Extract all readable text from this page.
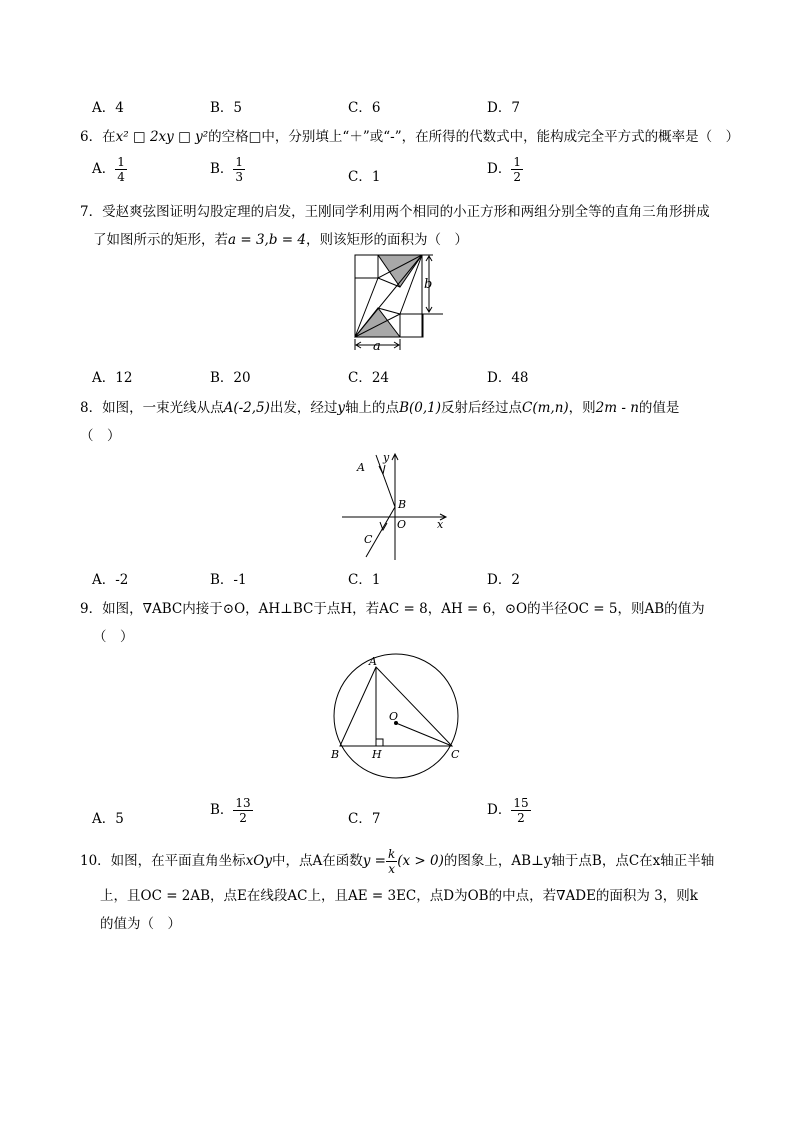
A．4	B．5	C．6	D．7
6．在x² □ 2xy □ y²的空格□中，分别填上“＋”或“-”，在所得的代数式中，能构成完全平方式的概率是（　）
A． $\frac{1}{4}$	B． $\frac{1}{3}$	C．1	D． $\frac{1}{2}$
7．受赵爽弦图证明勾股定理的启发，王刚同学利用两个相同的小正方形和两组分别全等的直角三角形拼成
了如图所示的矩形，若a = 3,b = 4，则该矩形的面积为（　）
b
a
A．12	B．20	C．24	D．48
8．如图，一束光线从点A(-2,5)出发，经过y轴上的点B(0,1)反射后经过点C(m,n)，则2m - n的值是
（　）
A
B
C
O	x
y
A．-2	B．-1	C．1	D．2
9．如图，∇ABC内接于⊙O，AH⊥BC于点H，若AC = 8，AH = 6，⊙O的半径OC = 5，则AB的值为
（　）
A
B	C
O
H
A．5
B． $\frac{13}{2}$	C．7
D． $\frac{15}{2}$
10．如图，在平面直角坐标xOy中，点A在函数$y = \frac{k}{x} (x > 0)$的图象上，AB⊥y轴于点B，点C在x轴正半轴
上，且OC = 2AB，点E在线段AC上，且AE = 3EC，点D为OB的中点，若∇ADE的面积为 3，则k
的值为（　）
